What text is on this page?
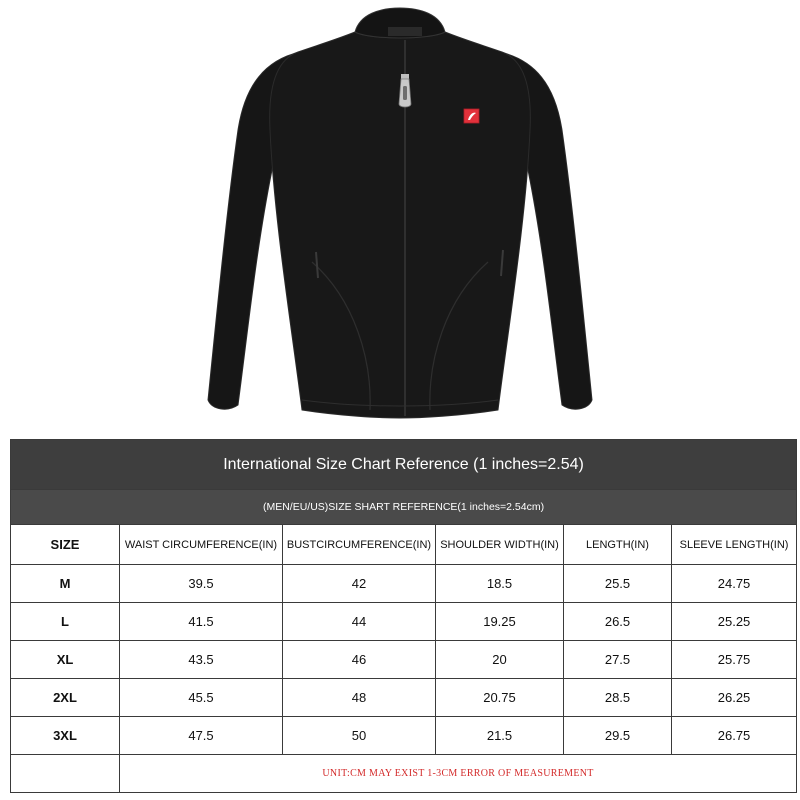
International Size Chart Reference (1 inches=2.54)					
(MEN/EU/US)SIZE SHART REFERENCE(1 inches=2.54cm)					
SIZE	WAIST CIRCUMFERENCE(IN)	BUSTCIRCUMFERENCE(IN)	SHOULDER WIDTH(IN)	LENGTH(IN)	SLEEVE LENGTH(IN)
M	39.5	42	18.5	25.5	24.75
L	41.5	44	19.25	26.5	25.25
XL	43.5	46	20	27.5	25.75
2XL	45.5	48	20.75	28.5	26.25
3XL	47.5	50	21.5	29.5	26.75
	UNIT:CM MAY EXIST 1-3CM ERROR OF MEASUREMENT				
